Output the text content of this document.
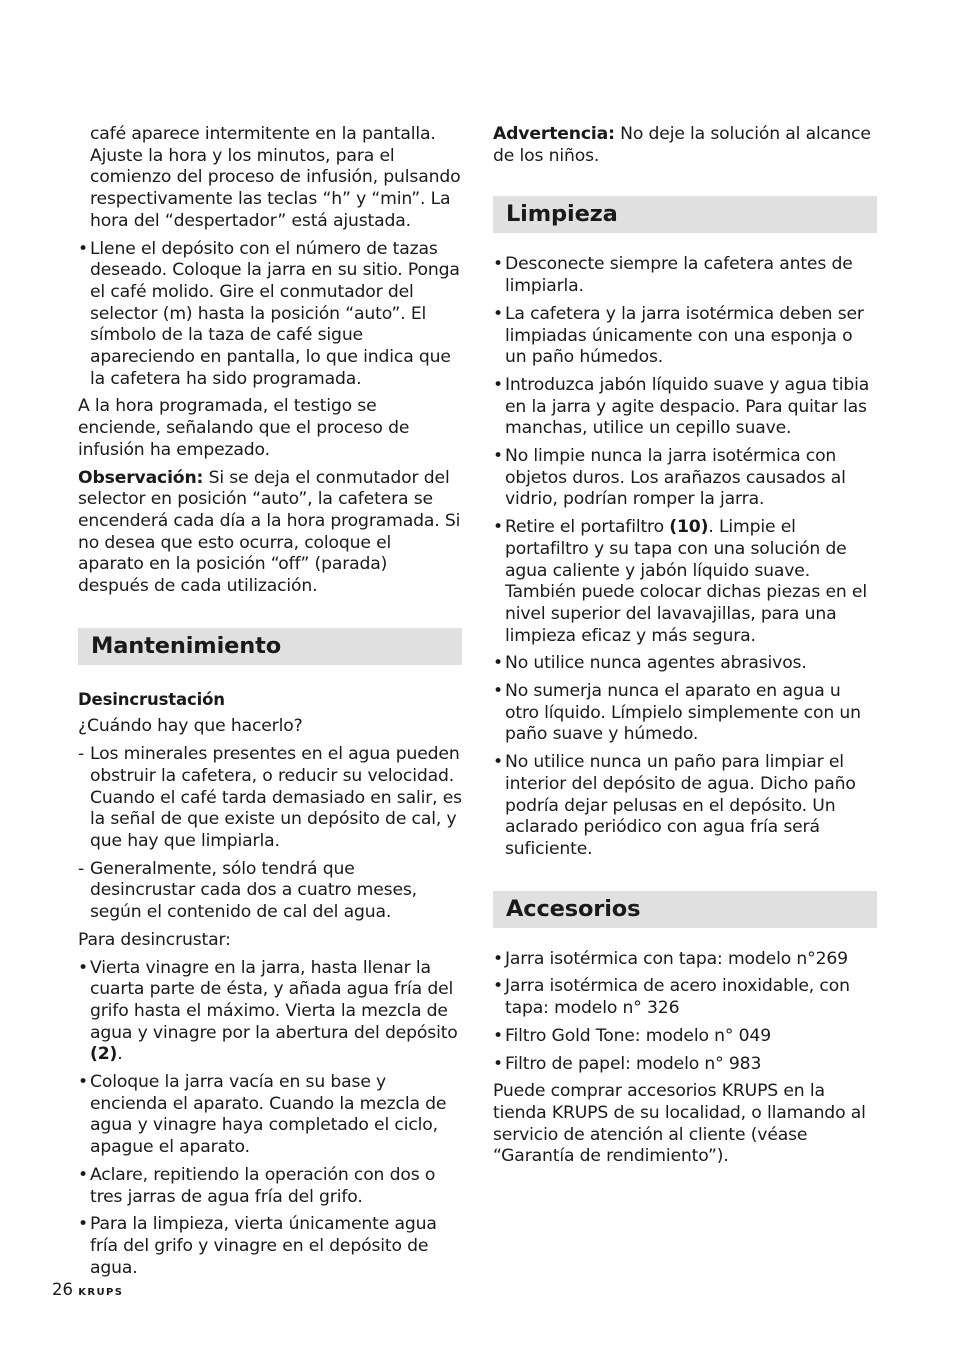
café aparece intermitente en la pantalla. Ajuste la hora y los minutos, para el comienzo del proceso de infusión, pulsando respectivamente las teclas “h” y “min”. La hora del “despertador” está ajustada.

• Llene el depósito con el número de tazas deseado. Coloque la jarra en su sitio. Ponga el café molido. Gire el conmutador del selector (m) hasta la posición “auto”. El símbolo de la taza de café sigue apareciendo en pantalla, lo que indica que la cafetera ha sido programada.

A la hora programada, el testigo se enciende, señalando que el proceso de infusión ha empezado.

Observación: Si se deja el conmutador del selector en posición “auto”, la cafetera se encenderá cada día a la hora programada. Si no desea que esto ocurra, coloque el aparato en la posición “off” (parada) después de cada utilización.

Mantenimiento
Desincrustación

¿Cuándo hay que hacerlo?

- Los minerales presentes en el agua pueden obstruir la cafetera, o reducir su velocidad. Cuando el café tarda demasiado en salir, es la señal de que existe un depósito de cal, y que hay que limpiarla.
- Generalmente, sólo tendrá que desincrustar cada dos a cuatro meses, según el contenido de cal del agua.

Para desincrustar:

• Vierta vinagre en la jarra, hasta llenar la cuarta parte de ésta, y añada agua fría del grifo hasta el máximo. Vierta la mezcla de agua y vinagre por la abertura del depósito (2).
• Coloque la jarra vacía en su base y encienda el aparato. Cuando la mezcla de agua y vinagre haya completado el ciclo, apague el aparato.
• Aclare, repitiendo la operación con dos o tres jarras de agua fría del grifo.
• Para la limpieza, vierta únicamente agua fría del grifo y vinagre en el depósito de agua.

Advertencia: No deje la solución al alcance de los niños.

Limpieza
• Desconecte siempre la cafetera antes de limpiarla.
• La cafetera y la jarra isotérmica deben ser limpiadas únicamente con una esponja o un paño húmedos.
• Introduzca jabón líquido suave y agua tibia en la jarra y agite despacio. Para quitar las manchas, utilice un cepillo suave.
• No limpie nunca la jarra isotérmica con objetos duros. Los arañazos causados al vidrio, podrían romper la jarra.
• Retire el portafiltro (10). Limpie el portafiltro y su tapa con una solución de agua caliente y jabón líquido suave. También puede colocar dichas piezas en el nivel superior del lavavajillas, para una limpieza eficaz y más segura.
• No utilice nunca agentes abrasivos.
• No sumerja nunca el aparato en agua u otro líquido. Límpielo simplemente con un paño suave y húmedo.
• No utilice nunca un paño para limpiar el interior del depósito de agua. Dicho paño podría dejar pelusas en el depósito. Un aclarado periódico con agua fría será suficiente.
Accesorios
• Jarra isotérmica con tapa: modelo n°269
• Jarra isotérmica de acero inoxidable, con tapa: modelo n° 326
• Filtro Gold Tone: modelo n° 049
• Filtro de papel: modelo n° 983

Puede comprar accesorios KRUPS en la tienda KRUPS de su localidad, o llamando al servicio de atención al cliente (véase “Garantía de rendimiento”).

26 KRUPS
